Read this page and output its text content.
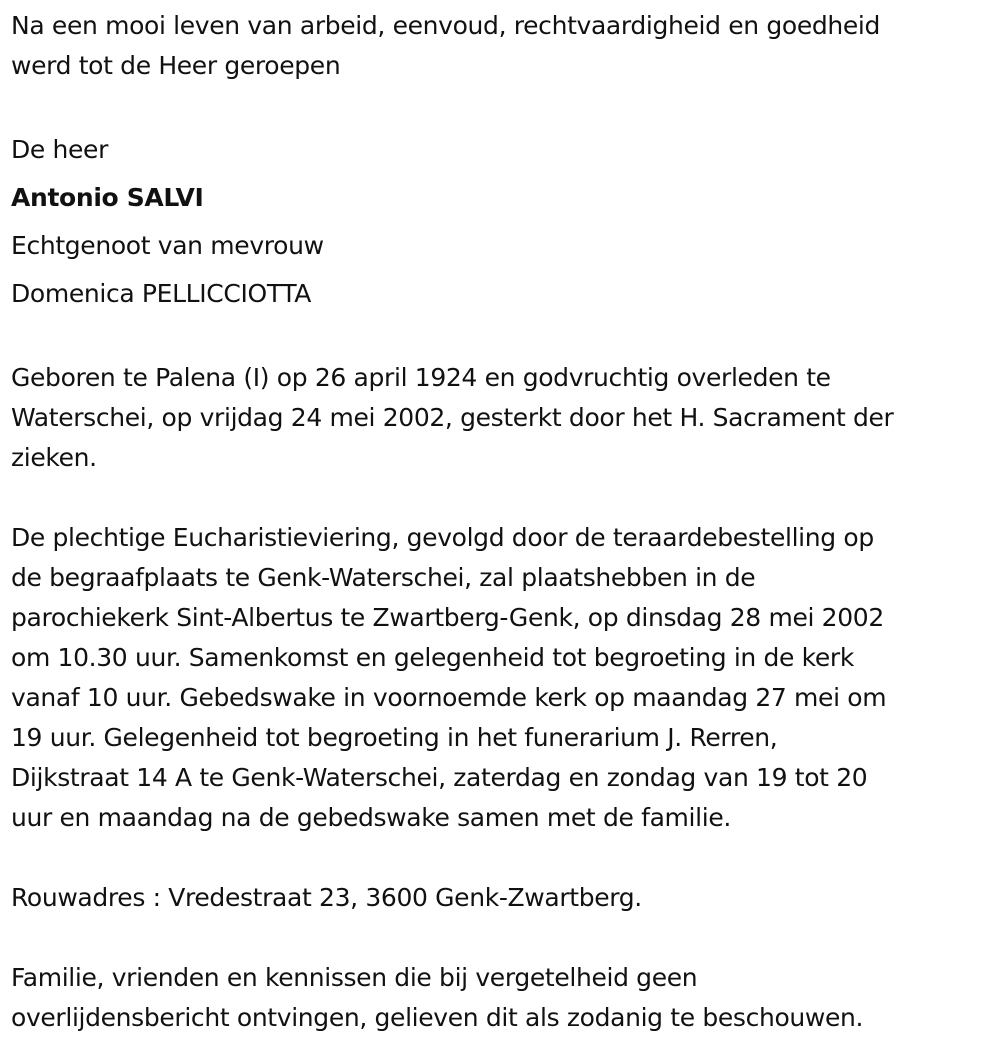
Na een mooi leven van arbeid, eenvoud, rechtvaardigheid en goedheid

werd tot de Heer geroepen

De heer

Antonio SALVI

Echtgenoot van mevrouw

Domenica PELLICCIOTTA

Geboren te Palena (I) op 26 april 1924 en godvruchtig overleden te

Waterschei, op vrijdag 24 mei 2002, gesterkt door het H. Sacrament der

zieken.

De plechtige Eucharistieviering, gevolgd door de teraardebestelling op

de begraafplaats te Genk-Waterschei, zal plaatshebben in de

parochiekerk Sint-Albertus te Zwartberg-Genk, op dinsdag 28 mei 2002

om 10.30 uur. Samenkomst en gelegenheid tot begroeting in de kerk

vanaf 10 uur. Gebedswake in voornoemde kerk op maandag 27 mei om

19 uur. Gelegenheid tot begroeting in het funerarium J. Rerren,

Dijkstraat 14 A te Genk-Waterschei, zaterdag en zondag van 19 tot 20

uur en maandag na de gebedswake samen met de familie.

Rouwadres : Vredestraat 23, 3600 Genk-Zwartberg.

Familie, vrienden en kennissen die bij vergetelheid geen

overlijdensbericht ontvingen, gelieven dit als zodanig te beschouwen.
